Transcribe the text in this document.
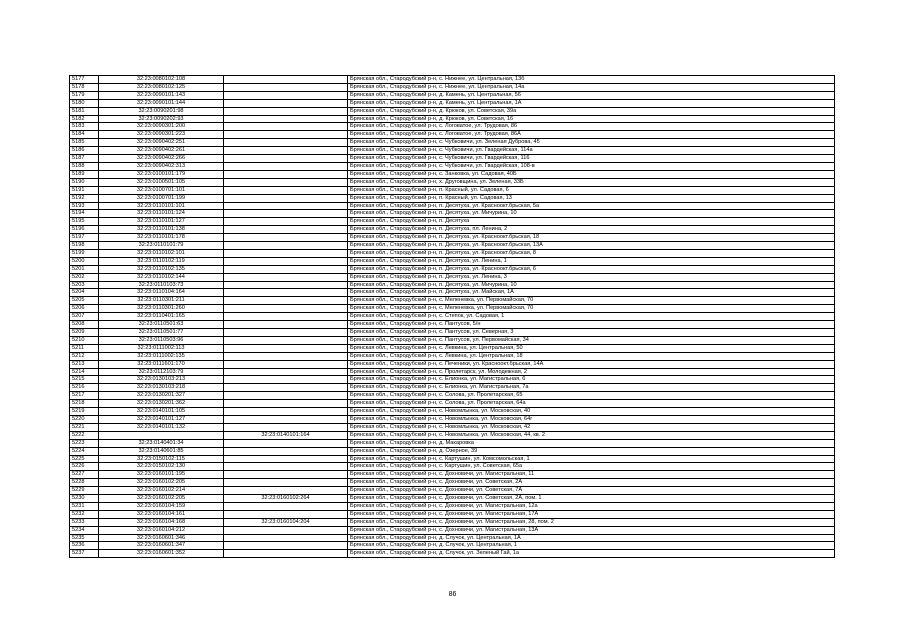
5177	32:23:0080102:108		Брянская обл., Стародубский р-н, с. Нижнее, ул. Центральная, 13б
5178	32:23:0080102:125		Брянская обл., Стародубский р-н, с. Нижнее, ул. Центральная, 14а
5179	32:23:0090101:143		Брянская обл., Стародубский р-н, д. Камень, ул. Центральная, 56
5180	32:23:0090101:144		Брянская обл., Стародубский р-н, д. Камень, ул. Центральная, 1А
5181	32:23:0090201:98		Брянская обл., Стародубский р-н, д. Крюков, ул. Советская, 39а
5182	32:23:0090202:93		Брянская обл., Стародубский р-н, д. Крюков, ул. Советская, 16
5183	32:23:0090301:200		Брянская обл., Стародубский р-н, с. Логоватое, ул. Трудовая, 86
5184	32:23:0090301:223		Брянская обл., Стародубский р-н, с. Логоватое, ул. Трудовая, 86А
5185	32:23:0090402:251		Брянская обл., Стародубский р-н, с. Чубковичи, ул. Зеленая Дуброва, 45
5186	32:23:0090402:261		Брянская обл., Стародубский р-н, с. Чубковичи, ул. Гвардейская, 114а
5187	32:23:0090402:266		Брянская обл., Стародубский р-н, с. Чубковичи, ул. Гвардейская, 116
5188	32:23:0090402:313		Брянская обл., Стародубский р-н, с. Чубковичи, ул. Гвардейская, 108-в
5189	32:23:0100101:179		Брянская обл., Стародубский р-н, с. Занковка, ул. Садовая, 40Б
5190	32:23:0100501:105		Брянская обл., Стародубский р-н, х. Друговщина, ул. Зеленая, 33Б
5191	32:23:0100701:101		Брянская обл., Стародубский р-н, п. Красный, ул. Садовая, 6
5192	32:23:0100701:199		Брянская обл., Стародубский р-н, п. Красный, ул. Садовая, 13
5193	32:23:0110101:101		Брянская обл., Стародубский р-н, п. Десятуха, ул. Красноокт.брьская, 5а
5194	32:23:0110101:124		Брянская обл., Стародубский р-н, п. Десятуха, ул. Мичурина, 10
5195	32:23:0110101:127		Брянская обл., Стародубский р-н, п. Десятуха
5196	32:23:0110101:138		Брянская обл., Стародубский р-н, п. Десятуха, пл. Ленина, 2
5197	32:23:0110101:178		Брянская обл., Стародубский р-н, п. Десятуха, ул. Красноокт.брьская, 18
5198	32:23:0110101:79		Брянская обл., Стародубский р-н, п. Десятуха, ул. Красноокт.брьская, 13А
5199	32:23:0110102:101		Брянская обл., Стародубский р-н, п. Десятуха, ул. Красноокт.брьская, 8
5200	32:23:0110102:119		Брянская обл., Стародубский р-н, п. Десятуха, ул. Ленина, 1
5201	32:23:0110102:135		Брянская обл., Стародубский р-н, п. Десятуха, ул. Красноокт.брьская, 6
5202	32:23:0110102:144		Брянская обл., Стародубский р-н, п. Десятуха, ул. Ленина, 3
5203	32:23:0110103:73		Брянская обл., Стародубский р-н, п. Десятуха, ул. Мичурина, 10
5204	32:23:0110104:164		Брянская обл., Стародубский р-н, п. Десятуха, ул. Майская, 1А
5205	32:23:0110301:211		Брянская обл., Стародубский р-н, с. Меленевка, ул. Первомайская, 70
5206	32:23:0110301:260		Брянская обл., Стародубский р-н, с. Меленевка, ул. Первомайская, 70
5207	32:23:0110401:165		Брянская обл., Стародубский р-н, с. Степок, ул. Садовая, 1
5208	32:23:0110501:63		Брянская обл., Стародубский р-н, с. Пантусов, 5/н
5209	32:23:0110501:77		Брянская обл., Стародубский р-н, с. Пантусов, ул. Северная, 3
5210	32:23:0110503:96		Брянская обл., Стародубский р-н, с. Пантусов, ул. Первомайская, 34
5211	32:23:0111002:113		Брянская обл., Стародубский р-н, с. Левкина, ул. Центральная, 50
5212	32:23:0111002:135		Брянская обл., Стародубский р-н, с. Левкина, ул. Центральная, 18
5213	32:23:0111601:170		Брянская обл., Стародубский р-н, с. Печеники, ул. Красноокт.брьская, 14А
5214	32:23:0112103:79		Брянская обл., Стародубский р-н, с. Пролетарск, ул. Молодежная, 2
5215	32:23:0130103:213		Брянская обл., Стародубский р-н, с. Елионка, ул. Магистральная, 6
5216	32:23:0130103:218		Брянская обл., Стародубский р-н, с. Елионка, ул. Магистральная, 7а
5217	32:23:0130201:327		Брянская обл., Стародубский р-н, с. Солова, ул. Пролетарская, 65
5218	32:23:0130201:362		Брянская обл., Стародубский р-н, с. Солова, ул. Пролетарская, 64а
5219	32:23:0140101:105		Брянская обл., Стародубский р-н, с. Новомлынка, ул. Московская, 40
5220	32:23:0140101:127		Брянская обл., Стародубский р-н, с. Новомлынка, ул. Московская, 64г
5221	32:23:0140101:132		Брянская обл., Стародубский р-н, с. Новомлынка, ул. Московская, 42
5222		32:23:0140101:164	Брянская обл., Стародубский р-н, с. Новомлынка, ул. Московская, 44, кв. 2
5223	32:23:0140401:34		Брянская обл., Стародубский р-н, д. Макаровка
5224	32:23:0140601:85		Брянская обл., Стародубский р-н, д. Озерное, 39
5225	32:23:0150102:115		Брянская обл., Стародубский р-н, с. Картушин, ул. Комсомольская, 1
5226	32:23:0150102:130		Брянская обл., Стародубский р-н, с. Картушин, ул. Советская, 65а
5227	32:23:0160101:195		Брянская обл., Стародубский р-н, с. Дохновичи, ул. Магистральная, 11
5228	32:23:0160102:205		Брянская обл., Стародубский р-н, с. Дохновичи, ул. Советская, 2А
5229	32:23:0160102:214		Брянская обл., Стародубский р-н, с. Дохновичи, ул. Советская, 7А
5230	32:23:0160102:205	32:23:0160102:264	Брянская обл., Стародубский р-н, с. Дохновичи, ул. Советская, 2А, пом. 1
5231	32:23:0160104:159		Брянская обл., Стародубский р-н, с. Дохновичи, ул. Магистральная, 12а
5232	32:23:0160104:161		Брянская обл., Стародубский р-н, с. Дохновичи, ул. Магистральная, 17А
5233	32:23:0160104:168	32:23:0160104:204	Брянская обл., Стародубский р-н, с. Дохновичи, ул. Магистральная, 28, пом. 2
5234	32:23:0160104:212		Брянская обл., Стародубский р-н, с. Дохновичи, ул. Магистральная, 13А
5235	32:23:0160601:346		Брянская обл., Стародубский р-н, д. Случок, ул. Центральная, 1А
5236	32:23:0160601:347		Брянская обл., Стародубский р-н, д. Случок, ул. Центральная, 1
5237	32:23:0160601:352		Брянская обл., Стародубский р-н, д. Случок, ул. Зеленый Гай, 1а
86
